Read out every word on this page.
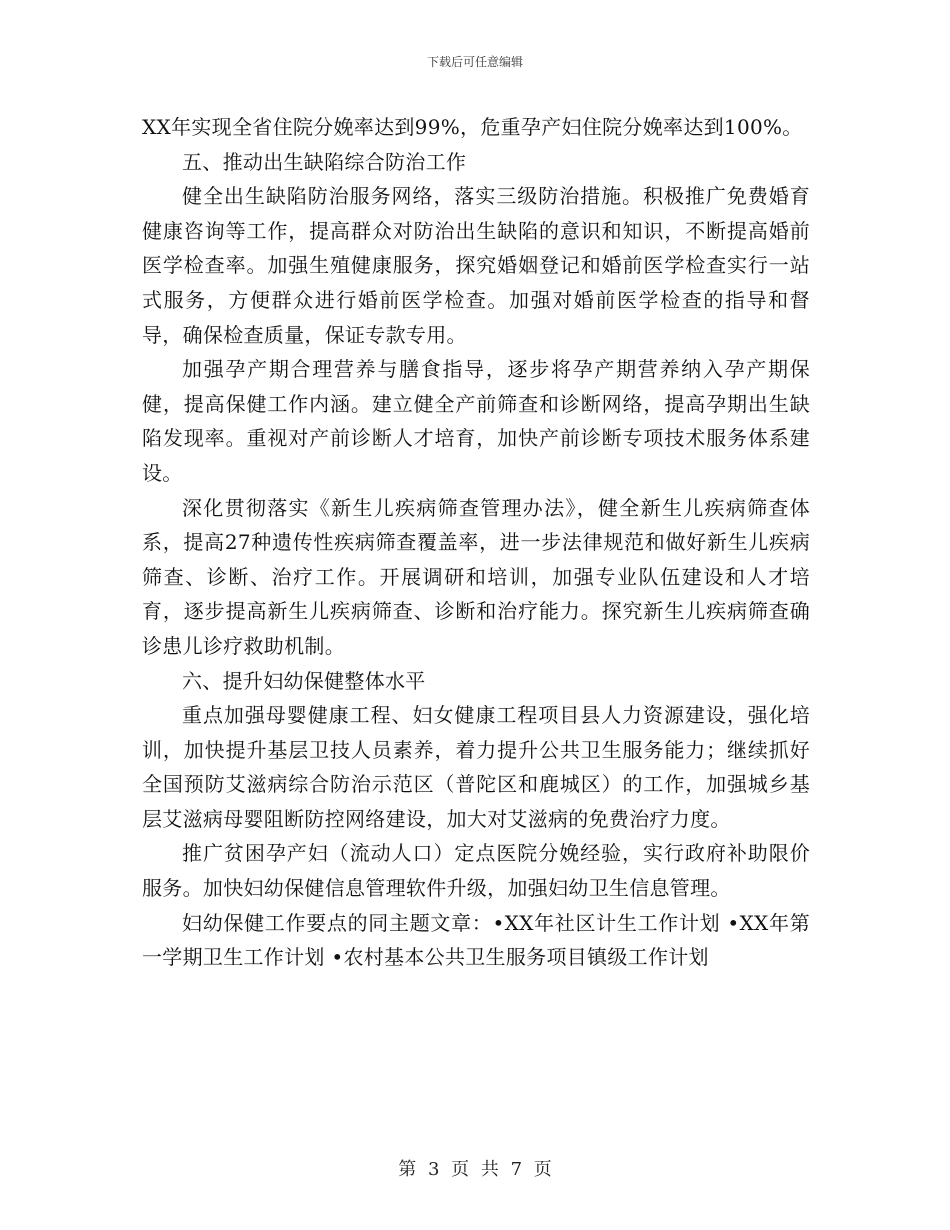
下载后可任意编辑

XX年实现全省住院分娩率达到99%，危重孕产妇住院分娩率达到100%。

五、推动出生缺陷综合防治工作

健全出生缺陷防治服务网络，落实三级防治措施。积极推广免费婚育健康咨询等工作，提高群众对防治出生缺陷的意识和知识，不断提高婚前医学检查率。加强生殖健康服务，探究婚姻登记和婚前医学检查实行一站式服务，方便群众进行婚前医学检查。加强对婚前医学检查的指导和督导，确保检查质量，保证专款专用。

加强孕产期合理营养与膳食指导，逐步将孕产期营养纳入孕产期保健，提高保健工作内涵。建立健全产前筛查和诊断网络，提高孕期出生缺陷发现率。重视对产前诊断人才培育，加快产前诊断专项技术服务体系建设。

深化贯彻落实《新生儿疾病筛查管理办法》，健全新生儿疾病筛查体系，提高27种遗传性疾病筛查覆盖率，进一步法律规范和做好新生儿疾病筛查、诊断、治疗工作。开展调研和培训，加强专业队伍建设和人才培育，逐步提高新生儿疾病筛查、诊断和治疗能力。探究新生儿疾病筛查确诊患儿诊疗救助机制。

六、提升妇幼保健整体水平

重点加强母婴健康工程、妇女健康工程项目县人力资源建设，强化培训，加快提升基层卫技人员素养，着力提升公共卫生服务能力；继续抓好全国预防艾滋病综合防治示范区（普陀区和鹿城区）的工作，加强城乡基层艾滋病母婴阻断防控网络建设，加大对艾滋病的免费治疗力度。

推广贫困孕产妇（流动人口）定点医院分娩经验，实行政府补助限价服务。加快妇幼保健信息管理软件升级，加强妇幼卫生信息管理。

妇幼保健工作要点的同主题文章：•XX年社区计生工作计划 •XX年第一学期卫生工作计划 •农村基本公共卫生服务项目镇级工作计划

第 3 页 共 7 页
